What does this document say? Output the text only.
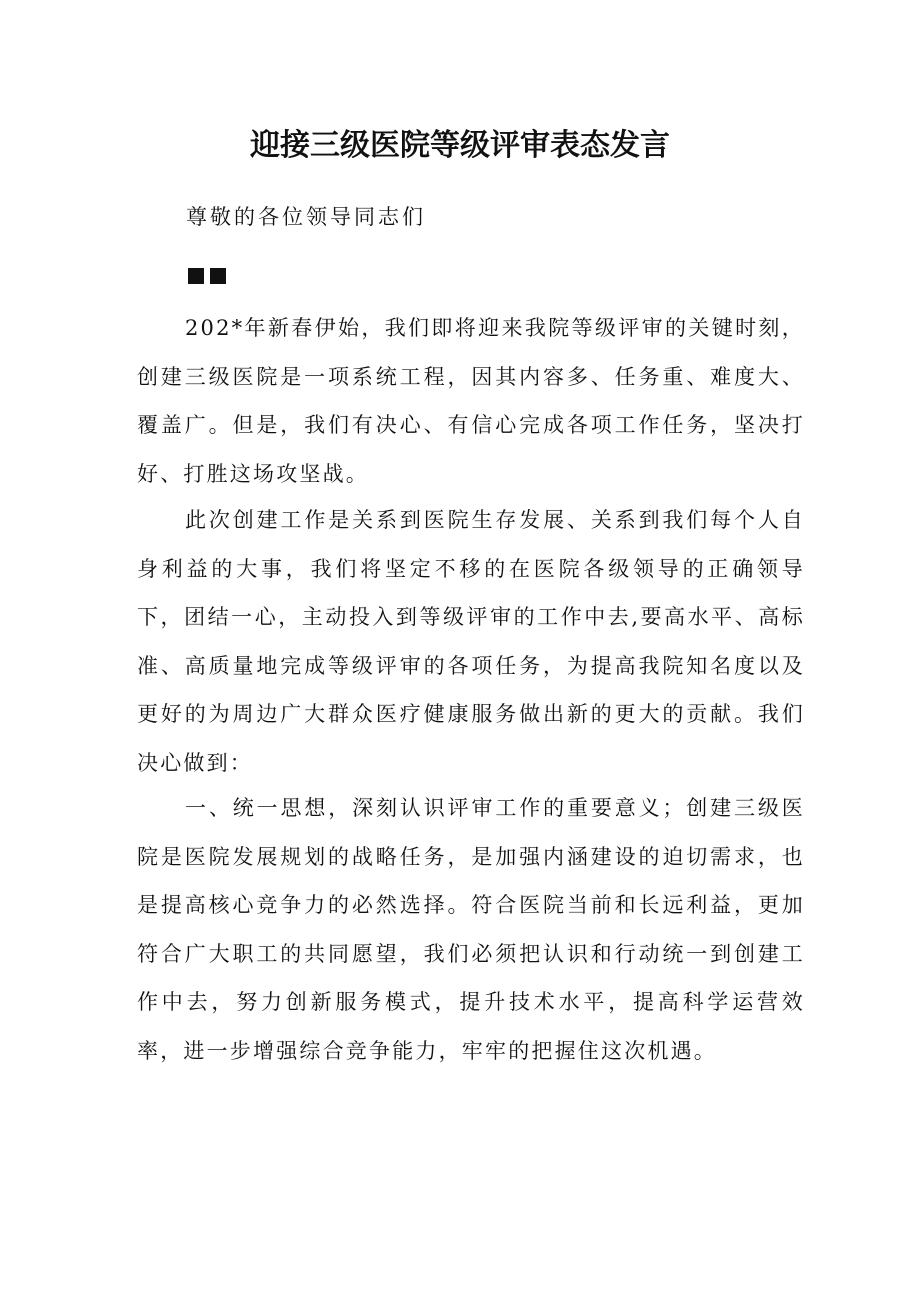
迎接三级医院等级评审表态发言

尊敬的各位领导同志们

202*年新春伊始，我们即将迎来我院等级评审的关键时刻，创建三级医院是一项系统工程，因其内容多、任务重、难度大、覆盖广。但是，我们有决心、有信心完成各项工作任务，坚决打好、打胜这场攻坚战。

此次创建工作是关系到医院生存发展、关系到我们每个人自身利益的大事，我们将坚定不移的在医院各级领导的正确领导下，团结一心，主动投入到等级评审的工作中去,要高水平、高标准、高质量地完成等级评审的各项任务，为提高我院知名度以及更好的为周边广大群众医疗健康服务做出新的更大的贡献。我们决心做到：

一、统一思想，深刻认识评审工作的重要意义；创建三级医院是医院发展规划的战略任务，是加强内涵建设的迫切需求，也是提高核心竞争力的必然选择。符合医院当前和长远利益，更加符合广大职工的共同愿望，我们必须把认识和行动统一到创建工作中去，努力创新服务模式，提升技术水平，提高科学运营效率，进一步增强综合竞争能力，牢牢的把握住这次机遇。
